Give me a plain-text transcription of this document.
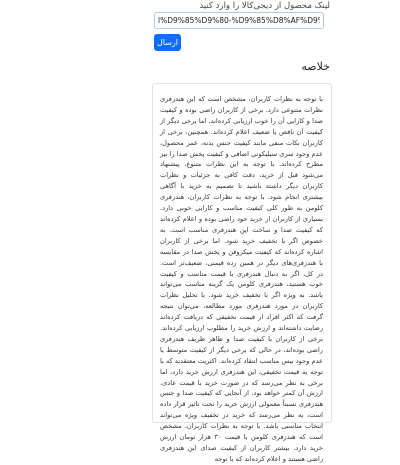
لینک محصول از دیجی‌کالا را وارد کنید
l%D9%85%D9%80-%D9%85%D8%AF%D9%84-ka-001
ارسال
خلاصه

با توجه به نظرات کاربران، مشخص است که این هندزفری نظرات متنوعی دارد. برخی از کاربران راضی بوده و کیفیت صدا و کارایی آن را خوب ارزیابی کرده‌اند، اما برخی دیگر از کیفیت آن ناقص یا ضعیف اعلام کرده‌اند. همچنین، برخی از کاربران نکات منفی مانند کیفیت جنس بدنه، عمر محصول، عدم وجود سری سیلیکونی اضافی و کیفیت پخش صدا را نیز مطرح کرده‌اند. با توجه به این نظرات متنوع، پیشنهاد می‌شود قبل از خرید، دقت کافی به جزئیات و نظرات کاربران دیگر داشته باشید تا تصمیم به خرید با آگاهی بیشتری انجام شود. با توجه به نظرات کاربران، هندزفری کلومن به طور کلی کیفیت مناسب و کارایی خوبی دارد. بسیاری از کاربران از خرید خود راضی بوده و اعلام کرده‌اند که کیفیت صدا و ساخت این هندزفری مناسب است. به خصوص اگر با تخفیف خرید شود. اما برخی از کاربران اشاره کرده‌اند که کیفیت میکروفن و پخش صدا در مقایسه با هندزفری‌های دیگر در همین رده قیمتی، ضعیف‌تر است. در کل، اگر به دنبال هندزفری با قیمت مناسب و کیفیت خوب هستید، هندزفری کلومن یک گزینه مناسب می‌تواند باشد. به ویژه اگر با تخفیف خرید شود. با تحلیل نظرات کاربران در مورد هندزفری مورد مطالعه، می‌توان نتیجه گرفت که اکثر افراد از قیمت تخفیفی که دریافت کرده‌اند رضایت داشته‌اند و ارزش خرید را مطلوب ارزیابی کرده‌اند. برخی از کاربران با کیفیت صدا و ظاهر ظریف هندزفری راضی بوده‌اند، در حالی که برخی دیگر از کیفیت متوسط یا عدم وجود بیس مناسب انتقاد کرده‌اند. اکثریت معتقدند که با توجه به قیمت تخفیفی، این هندزفری ارزش خرید دارد، اما برخی به نظر می‌رسد که در صورت خرید با قیمت عادی، ارزش آن کمتر خواهد بود. از آنجایی که کیفیت صدا و جنس هندزفری نسبتاً معمولی ارزش خرید را تحت تاثیر قرار داده است، به نظر می‌رسد که خرید در تخفیف ویژه می‌تواند انتخاب مناسبی باشد. با توجه به نظرات کاربران، مشخص است که هندزفری کلومن با قیمت ۳۰ هزار تومان ارزش خرید دارد. بیشتر کاربران از کیفیت صدای این هندزفری راضی هستند و اعلام کرده‌اند که با توجه
